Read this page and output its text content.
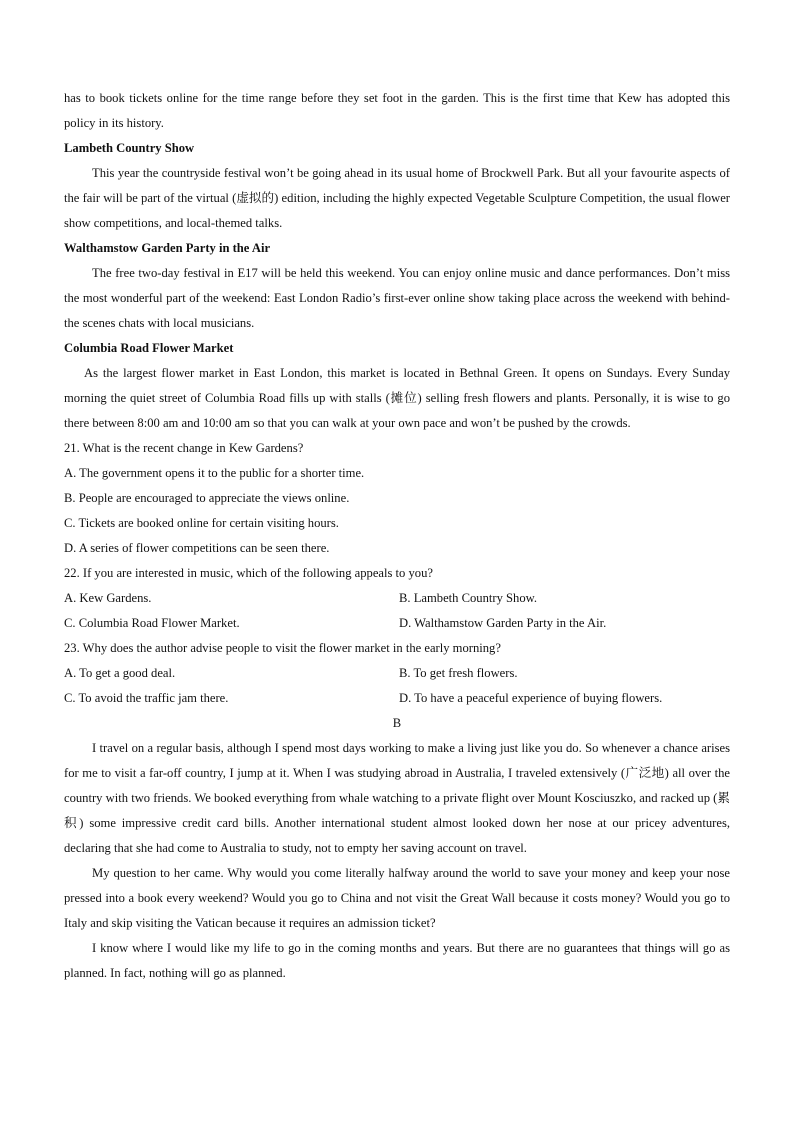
has to book tickets online for the time range before they set foot in the garden. This is the first time that Kew has adopted this policy in its history.

Lambeth Country Show

This year the countryside festival won’t be going ahead in its usual home of Brockwell Park. But all your favourite aspects of the fair will be part of the virtual (虚拟的) edition, including the highly expected Vegetable Sculpture Competition, the usual flower show competitions, and local-themed talks.

Walthamstow Garden Party in the Air

The free two-day festival in E17 will be held this weekend. You can enjoy online music and dance performances. Don’t miss the most wonderful part of the weekend: East London Radio’s first-ever online show taking place across the weekend with behind-the scenes chats with local musicians.

Columbia Road Flower Market

As the largest flower market in East London, this market is located in Bethnal Green. It opens on Sundays. Every Sunday morning the quiet street of Columbia Road fills up with stalls (摊位) selling fresh flowers and plants. Personally, it is wise to go there between 8:00 am and 10:00 am so that you can walk at your own pace and won’t be pushed by the crowds.

21. What is the recent change in Kew Gardens?

A. The government opens it to the public for a shorter time.

B. People are encouraged to appreciate the views online.

C. Tickets are booked online for certain visiting hours.

D. A series of flower competitions can be seen there.

22. If you are interested in music, which of the following appeals to you?

A. Kew Gardens.	B. Lambeth Country Show.
C. Columbia Road Flower Market.	D. Walthamstow Garden Party in the Air.

23. Why does the author advise people to visit the flower market in the early morning?

A. To get a good deal.	B. To get fresh flowers.
C. To avoid the traffic jam there.	D. To have a peaceful experience of buying flowers.

B

I travel on a regular basis, although I spend most days working to make a living just like you do. So whenever a chance arises for me to visit a far-off country, I jump at it. When I was studying abroad in Australia, I traveled extensively (广泛地) all over the country with two friends. We booked everything from whale watching to a private flight over Mount Kosciuszko, and racked up (累积) some impressive credit card bills. Another international student almost looked down her nose at our pricey adventures, declaring that she had come to Australia to study, not to empty her saving account on travel.

My question to her came. Why would you come literally halfway around the world to save your money and keep your nose pressed into a book every weekend? Would you go to China and not visit the Great Wall because it costs money? Would you go to Italy and skip visiting the Vatican because it requires an admission ticket?

I know where I would like my life to go in the coming months and years. But there are no guarantees that things will go as planned. In fact, nothing will go as planned.
